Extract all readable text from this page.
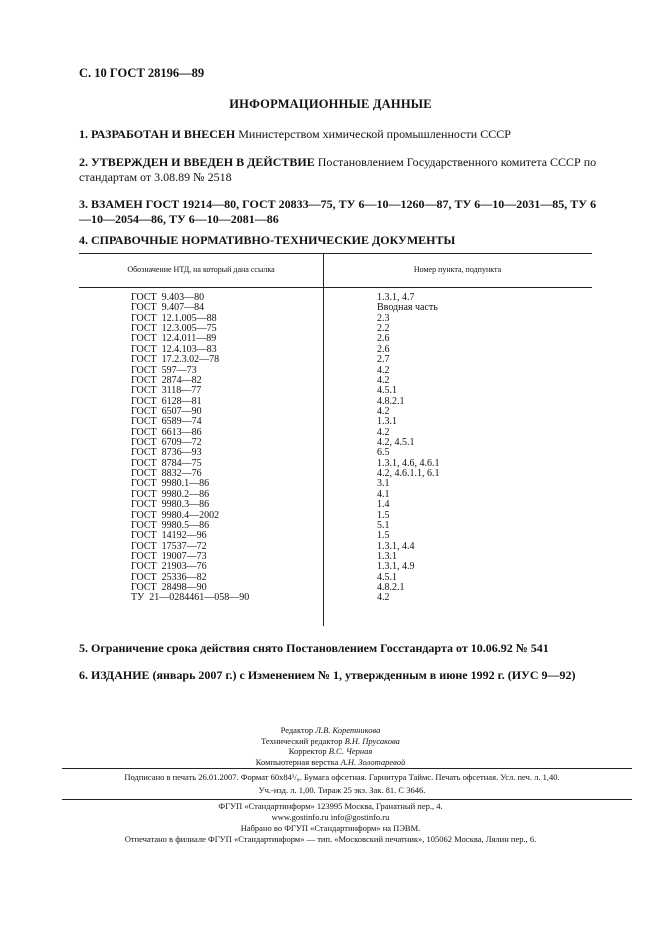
С. 10 ГОСТ 28196—89
ИНФОРМАЦИОННЫЕ ДАННЫЕ
1. РАЗРАБОТАН И ВНЕСЕН Министерством химической промышленности СССР
2. УТВЕРЖДЕН И ВВЕДЕН В ДЕЙСТВИЕ Постановлением Государственного комитета СССР по стандартам от 3.08.89 № 2518
3. ВЗАМЕН ГОСТ 19214—80, ГОСТ 20833—75, ТУ 6—10—1260—87, ТУ 6—10—2031—85, ТУ 6—10—2054—86, ТУ 6—10—2081—86
4. СПРАВОЧНЫЕ НОРМАТИВНО-ТЕХНИЧЕСКИЕ ДОКУМЕНТЫ
Обозначение НТД, на который дана ссылка	Номер пункта, подпункта
ГОСТ  9.403—80	1.3.1, 4.7
ГОСТ  9.407—84	Вводная часть
ГОСТ  12.1.005—88	2.3
ГОСТ  12.3.005—75	2.2
ГОСТ  12.4.011—89	2.6
ГОСТ  12.4.103—83	2.6
ГОСТ  17.2.3.02—78	2.7
ГОСТ  597—73	4.2
ГОСТ  2874—82	4.2
ГОСТ  3118—77	4.5.1
ГОСТ  6128—81	4.8.2.1
ГОСТ  6507—90	4.2
ГОСТ  6589—74	1.3.1
ГОСТ  6613—86	4.2
ГОСТ  6709—72	4.2, 4.5.1
ГОСТ  8736—93	6.5
ГОСТ  8784—75	1.3.1, 4.6, 4.6.1
ГОСТ  8832—76	4.2, 4.6.1.1, 6.1
ГОСТ  9980.1—86	3.1
ГОСТ  9980.2—86	4.1
ГОСТ  9980.3—86	1.4
ГОСТ  9980.4—2002	1.5
ГОСТ  9980.5—86	5.1
ГОСТ  14192—96	1.5
ГОСТ  17537—72	1.3.1, 4.4
ГОСТ  19007—73	1.3.1
ГОСТ  21903—76	1.3.1, 4.9
ГОСТ  25336—82	4.5.1
ГОСТ  28498—90	4.8.2.1
ТУ  21—0284461—058—90	4.2
5. Ограничение срока действия снято Постановлением Госстандарта от 10.06.92 № 541
6. ИЗДАНИЕ (январь 2007 г.) с Изменением № 1, утвержденным в июне 1992 г. (ИУС 9—92)
Редактор Л.В. Коретникова
Технический редактор В.Н. Прусакова
Корректор В.С. Черная
Компьютерная верстка А.Н. Золотаревой
Подписано в печать 26.01.2007. Формат 60х84¹/₈. Бумага офсетная. Гарнитура Таймс. Печать офсетная. Усл. печ. л. 1,40.
Уч.-изд. л. 1,00. Тираж 25 экз. Зак. 81. С 3646.
ФГУП «Стандартинформ» 123995 Москва, Гранатный пер., 4.
www.gostinfo.ru info@gostinfo.ru
Набрано во ФГУП «Стандартинформ» на ПЭВМ.
Отпечатано в филиале ФГУП «Стандартинформ» — тип. «Московский печатник», 105062 Москва, Лялин пер., 6.
